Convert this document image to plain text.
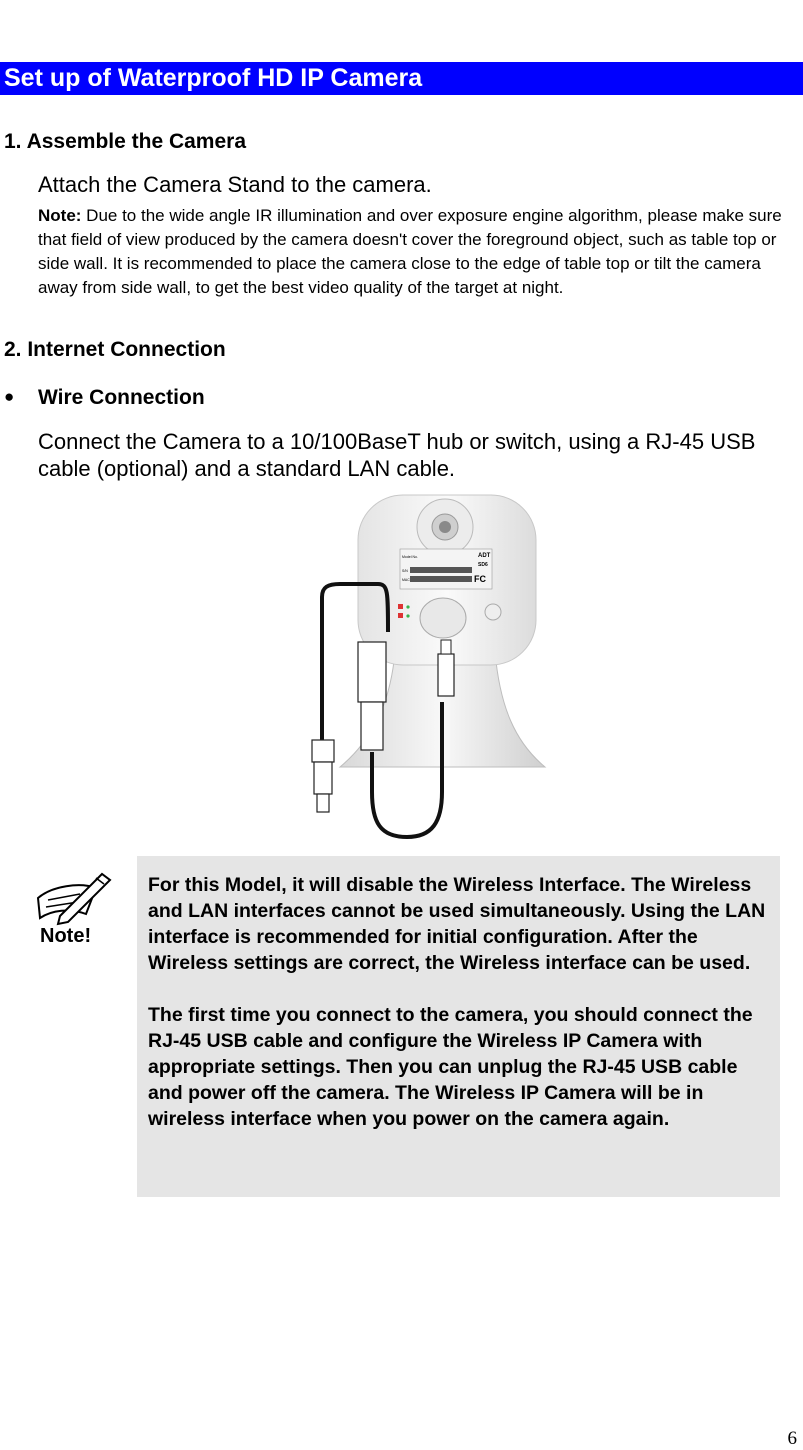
Set up of Waterproof HD IP Camera
1. Assemble the Camera
Attach the Camera Stand to the camera.
Note: Due to the wide angle IR illumination and over exposure engine algorithm, please make sure that field of view produced by the camera doesn't cover the foreground object, such as table top or side wall. It is recommended to place the camera close to the edge of table top or tilt the camera away from side wall, to get the best video quality of the target at night.
2. Internet Connection
● Wire Connection
Connect the Camera to a 10/100BaseT hub or switch, using a RJ-45 USB cable (optional) and a standard LAN cable.
ADT
SD6
Model No.
S/N
MAC	FC
Note!

For this Model, it will disable the Wireless Interface. The Wireless and LAN interfaces cannot be used simultaneously. Using the LAN interface is recommended for initial configuration. After the Wireless settings are correct, the Wireless interface can be used.

The first time you connect to the camera, you should connect the RJ-45 USB cable and configure the Wireless IP Camera with appropriate settings. Then you can unplug the RJ-45 USB cable and power off the camera. The Wireless IP Camera will be in wireless interface when you power on the camera again.

6
